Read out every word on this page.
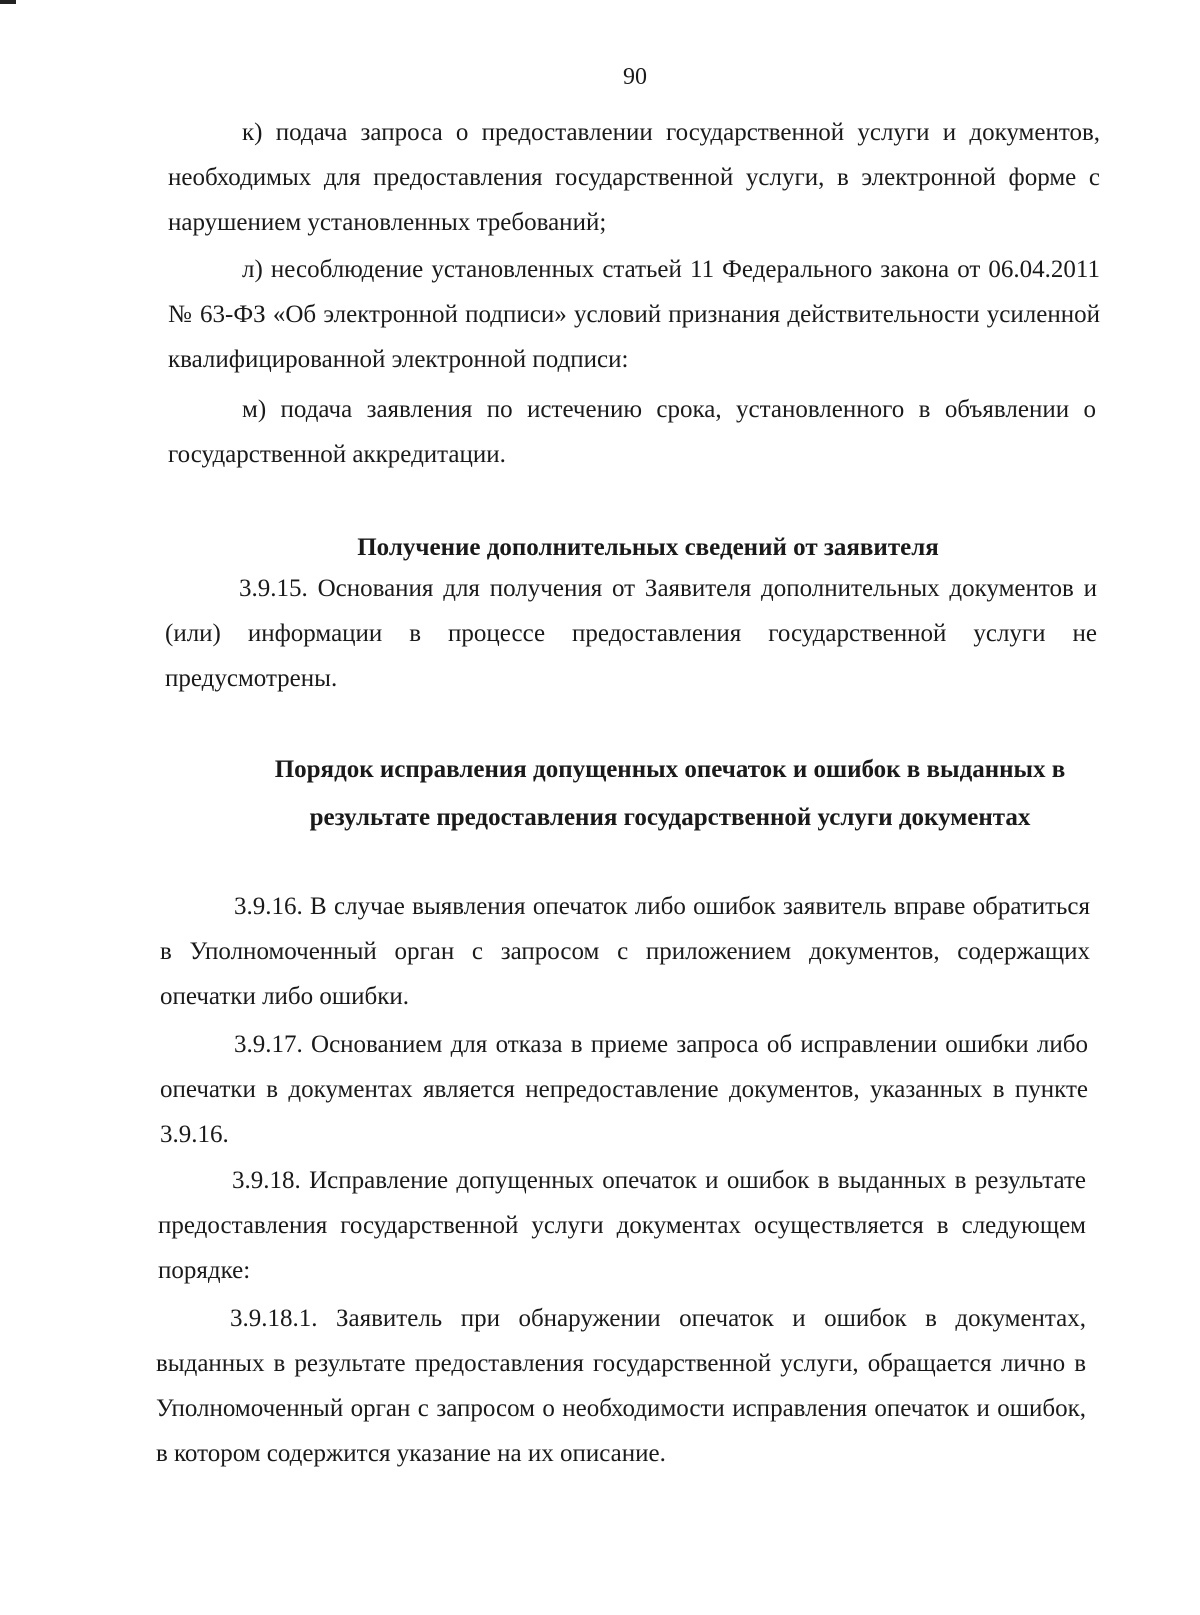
90

к) подача запроса о предоставлении государственной услуги и документов, необходимых для предоставления государственной услуги, в электронной форме с нарушением установленных требований;

л) несоблюдение установленных статьей 11 Федерального закона от 06.04.2011 № 63-ФЗ «Об электронной подписи» условий признания действительности усиленной квалифицированной электронной подписи:

м) подача заявления по истечению срока, установленного в объявлении о государственной аккредитации.

Получение дополнительных сведений от заявителя

3.9.15. Основания для получения от Заявителя дополнительных документов и (или) информации в процессе предоставления государственной услуги не предусмотрены.

Порядок исправления допущенных опечаток и ошибок в выданных в результате предоставления государственной услуги документах

3.9.16. В случае выявления опечаток либо ошибок заявитель вправе обратиться в Уполномоченный орган с запросом с приложением документов, содержащих опечатки либо ошибки.

3.9.17. Основанием для отказа в приеме запроса об исправлении ошибки либо опечатки в документах является непредоставление документов, указанных в пункте 3.9.16.

3.9.18. Исправление допущенных опечаток и ошибок в выданных в результате предоставления государственной услуги документах осуществляется в следующем порядке:

3.9.18.1. Заявитель при обнаружении опечаток и ошибок в документах, выданных в результате предоставления государственной услуги, обращается лично в Уполномоченный орган с запросом о необходимости исправления опечаток и ошибок, в котором содержится указание на их описание.
